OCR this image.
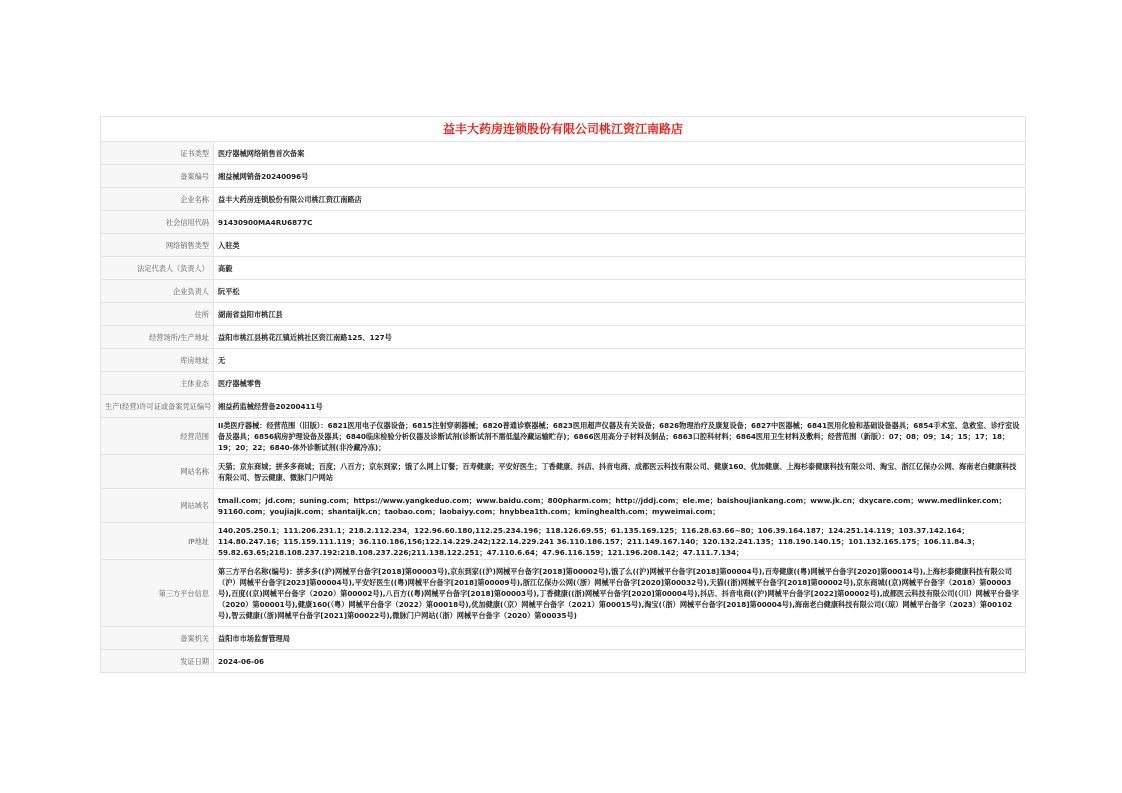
益丰大药房连锁股份有限公司桃江资江南路店
证书类型	医疗器械网络销售首次备案
备案编号	湘益械网销备20240096号
企业名称	益丰大药房连锁股份有限公司桃江资江南路店
社会信用代码	91430900MA4RU6877C
网络销售类型	入驻类
法定代表人（负责人）	高毅
企业负责人	阮平松
住所	湖南省益阳市桃江县
经营场所/生产地址	益阳市桃江县桃花江镇近桃社区资江南路125、127号
库房地址	无
主体业态	医疗器械零售
生产(经营)许可证或备案凭证编号	湘益药监械经营备20200411号
经营范围	II类医疗器械：经营范围（旧版）：6821医用电子仪器设备；6815注射穿刺器械；6820普通诊察器械；6823医用超声仪器及有关设备；6826物理治疗及康复设备；6827中医器械；6841医用化验和基础设备器具；6854手术室、急救室、诊疗室设备及器具；6856病房护理设备及器具；6840临床检验分析仪器及诊断试剂(诊断试剂不需低温冷藏运输贮存)；6866医用高分子材料及制品；6863口腔科材料；6864医用卫生材料及敷料；经营范围（新版）：07；08；09；14；15；17；18；19；20；22；6840-体外诊断试剂(非冷藏冷冻)；
网站名称	天猫；京东商城；拼多多商城；百度；八百方；京东到家；饿了么网上订餐；百寿健康；平安好医生；丁香健康、抖店、抖音电商、成都医云科技有限公司、健康160、优加健康、上海杉泰健康科技有限公司、淘宝、浙江亿保办公网、海南老白健康科技有限公司、智云健康、微脉门户网站
网站域名	tmall.com；jd.com；suning.com；https://www.yangkeduo.com；www.baidu.com；800pharm.com；http://jddj.com；ele.me；baishoujiankang.com；www.jk.cn；dxycare.com；www.medlinker.com；91160.com；youjiajk.com；shantaijk.cn；taobao.com；laobaiyy.com；hnybbea1th.com；kminghealth.com；myweimai.com；
IP地址	140.205.250.1；111.206.231.1；218.2.112.234，122.96.60.180,112.25.234.196；118.126.69.55；61.135.169.125；116.28.63.66~80；106.39.164.187；124.251.14.119；103.37.142.164；114.80.247.16；115.159.111.119；36.110.186,156;122.14.229.242;122.14.229.241 36.110.186.157；211.149.167.140；120.132.241.135；118.190.140.15；101.132.165.175；106.11.84.3；59.82.63.65;218.108.237.192:218.108.237.226;211.138.122.251；47.110.6.64；47.96.116.159；121.196.208.142；47.111.7.134；
第三方平台信息	第三方平台名称(编号)：拼多多((沪)网械平台备字[2018]第00003号),京东到家((沪)网械平台备字[2018]第00002号),饿了么((沪)网械平台备字[2018]第00004号),百寿健康((粤)网械平台备字[2020]第00014号),上海杉泰健康科技有限公司（沪）网械平台备字[2023]第00004号),平安好医生((粤)网械平台备字[2018]第00009号),浙江亿保办公网(（浙）网械平台备字[2020]第00032号),天猫((浙)网械平台备字[2018]第00002号),京东商城((京)网械平台备字（2018）第00003号),百度((京)网械平台备字（2020）第00002号),八百方((粤)网械平台备字[2018]第00003号),丁香健康((浙)网械平台备字[2020]第00004号),抖店、抖音电商((沪)网械平台备字[2022]第00002号),成都医云科技有限公司(（川）网械平台备字（2020）第00001号),健康160(（粤）网械平台备字（2022）第00018号),优加健康(（京）网械平台备字（2021）第00015号),淘宝(（浙）网械平台备字[2018]第00004号),海南老白健康科技有限公司(（琼）网械平台备字（2023）第00102号),智云健康(（浙)网械平台备字[2021]第00022号),微脉门户网站(（浙）网械平台备字（2020）第00035号)
备案机关	益阳市市场监督管理局
发证日期	2024-06-06
